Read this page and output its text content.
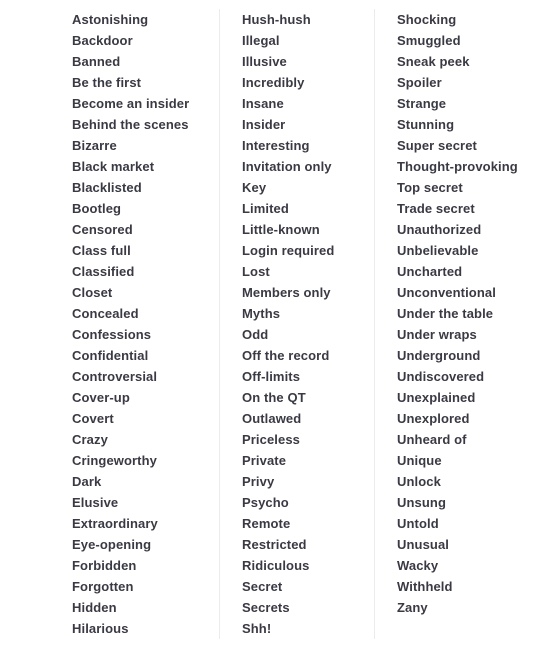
Astonishing
Backdoor
Banned
Be the first
Become an insider
Behind the scenes
Bizarre
Black market
Blacklisted
Bootleg
Censored
Class full
Classified
Closet
Concealed
Confessions
Confidential
Controversial
Cover-up
Covert
Crazy
Cringeworthy
Dark
Elusive
Extraordinary
Eye-opening
Forbidden
Forgotten
Hidden
Hilarious
Hush-hush
Illegal
Illusive
Incredibly
Insane
Insider
Interesting
Invitation only
Key
Limited
Little-known
Login required
Lost
Members only
Myths
Odd
Off the record
Off-limits
On the QT
Outlawed
Priceless
Private
Privy
Psycho
Remote
Restricted
Ridiculous
Secret
Secrets
Shh!
Shocking
Smuggled
Sneak peek
Spoiler
Strange
Stunning
Super secret
Thought-provoking
Top secret
Trade secret
Unauthorized
Unbelievable
Uncharted
Unconventional
Under the table
Under wraps
Underground
Undiscovered
Unexplained
Unexplored
Unheard of
Unique
Unlock
Unsung
Untold
Unusual
Wacky
Withheld
Zany
